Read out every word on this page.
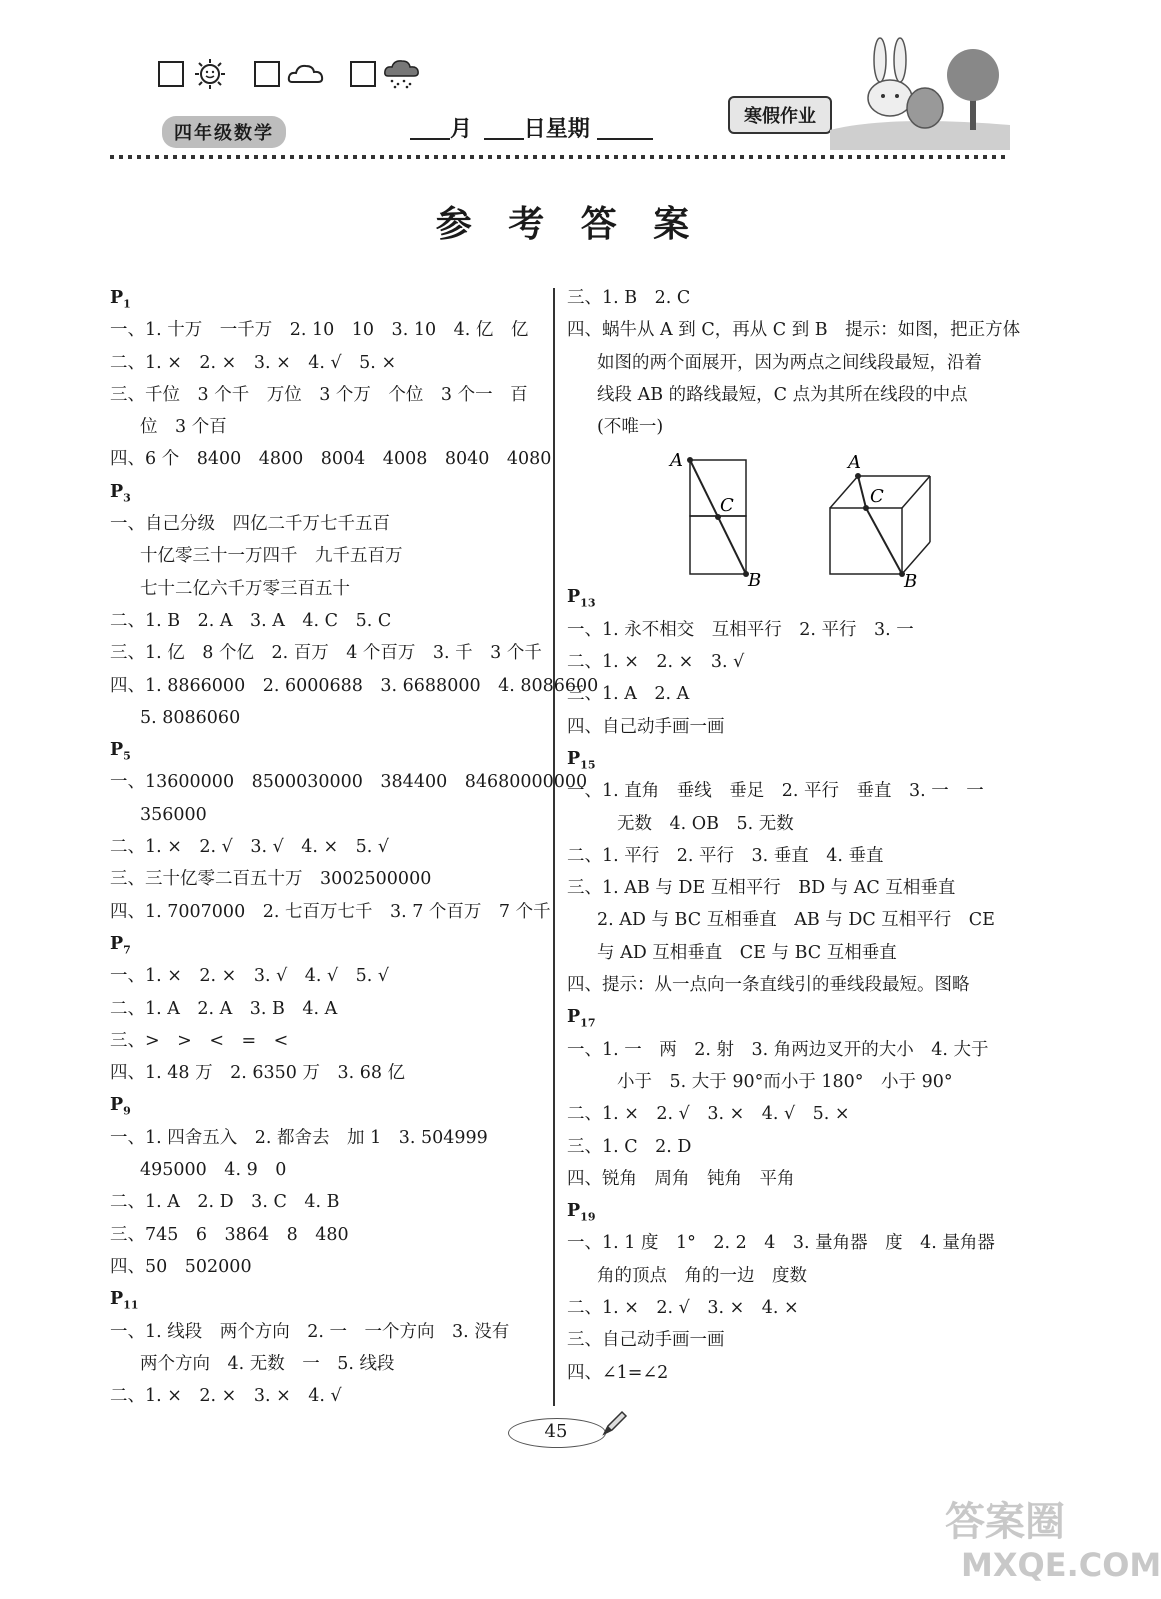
四年级数学	月 日星期
寒假作业
参 考 答 案
$P_1$
一、1. 十万　一千万　2. 10　10　3. 10　4. 亿　亿
二、1. ×　2. ×　3. ×　4. √　5. ×
三、千位　3 个千　万位　3 个万　个位　3 个一　百
位　3 个百
四、6 个　8400　4800　8004　4008　8040　4080
$P_3$
一、自己分级　四亿二千万七千五百
十亿零三十一万四千　九千五百万
七十二亿六千万零三百五十
二、1. B　2. A　3. A　4. C　5. C
三、1. 亿　8 个亿　2. 百万　4 个百万　3. 千　3 个千
四、1. 8866000　2. 6000688　3. 6688000　4. 8086600
5. 8086060
$P_5$
一、13600000　8500030000　384400　84680000000
356000
二、1. ×　2. √　3. √　4. ×　5. √
三、三十亿零二百五十万　3002500000
四、1. 7007000　2. 七百万七千　3. 7 个百万　7 个千
$P_7$
一、1. ×　2. ×　3. √　4. √　5. √
二、1. A　2. A　3. B　4. A
三、>　>　<　=　<
四、1. 48 万　2. 6350 万　3. 68 亿
$P_9$
一、1. 四舍五入　2. 都舍去　加 1　3. 504999
495000　4. 9　0
二、1. A　2. D　3. C　4. B
三、745　6　3864　8　480
四、50　502000
$P_{11}$
一、1. 线段　两个方向　2. 一　一个方向　3. 没有
两个方向　4. 无数　一　5. 线段
二、1. ×　2. ×　3. ×　4. √
三、1. B　2. C
四、蜗牛从 A 到 C，再从 C 到 B　提示：如图，把正方体
如图的两个面展开，因为两点之间线段最短，沿着
线段 AB 的路线最短，C 点为其所在线段的中点
(不唯一)
$P_{13}$
一、1. 永不相交　互相平行　2. 平行　3. 一
二、1. ×　2. ×　3. √
三、1. A　2. A
四、自己动手画一画
$P_{15}$
一、1. 直角　垂线　垂足　2. 平行　垂直　3. 一　一
无数　4. OB　5. 无数
二、1. 平行　2. 平行　3. 垂直　4. 垂直
三、1. AB 与 DE 互相平行　BD 与 AC 互相垂直
2. AD 与 BC 互相垂直　AB 与 DC 互相平行　CE
与 AD 互相垂直　CE 与 BC 互相垂直
四、提示：从一点向一条直线引的垂线段最短。图略
$P_{17}$
一、1. 一　两　2. 射　3. 角两边叉开的大小　4. 大于
小于　5. 大于 90°而小于 180°　小于 90°
二、1. ×　2. √　3. ×　4. √　5. ×
三、1. C　2. D
四、锐角　周角　钝角　平角
$P_{19}$
一、1. 1 度　1°　2. 2　4　3. 量角器　度　4. 量角器
角的顶点　角的一边　度数
二、1. ×　2. √　3. ×　4. ×
三、自己动手画一画
四、∠1=∠2
A
C
B
A
C
B
45
答案圈
MXQE.COM
